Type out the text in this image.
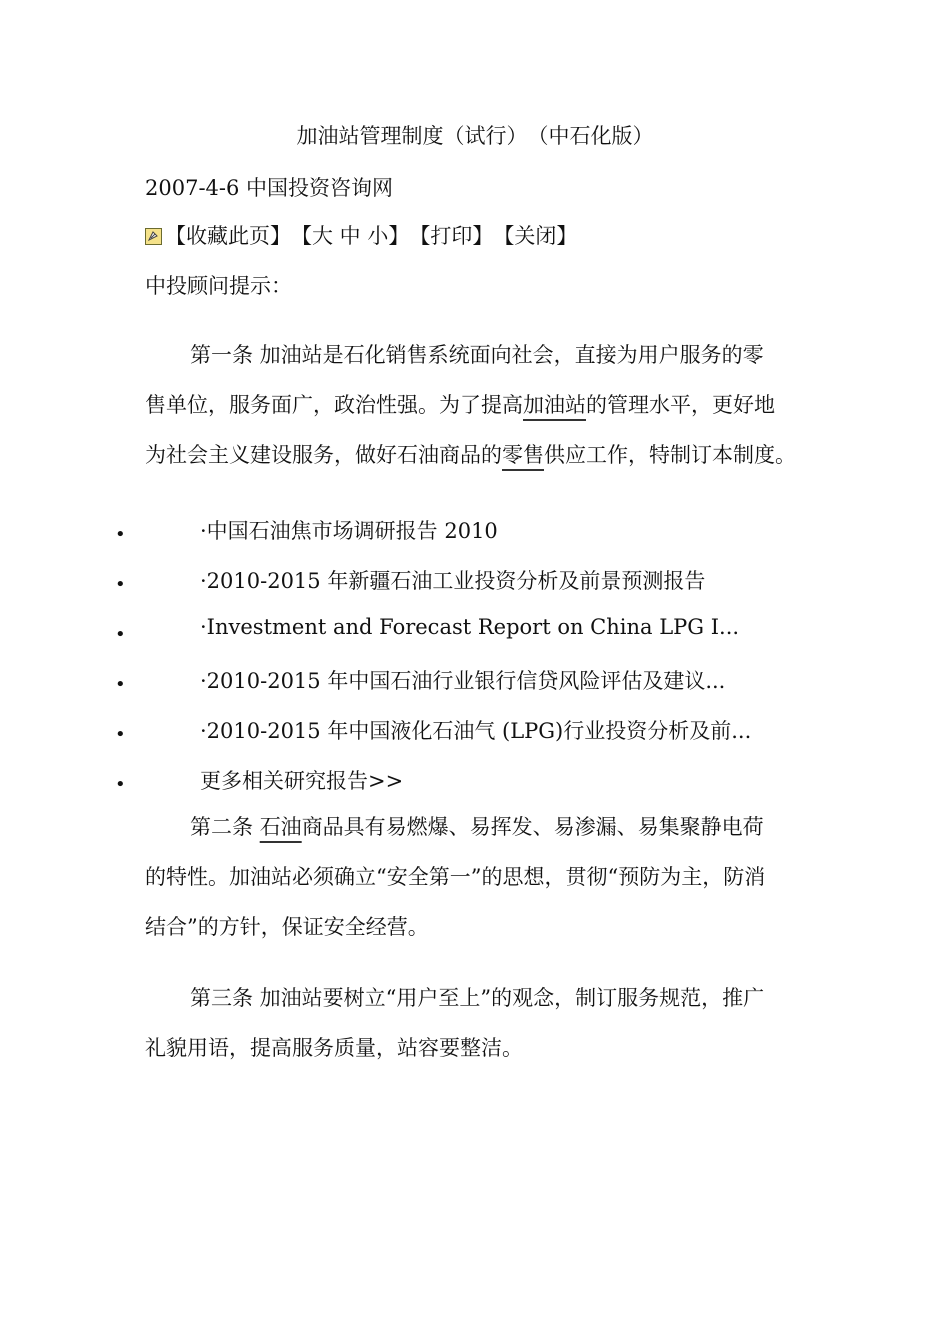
加油站管理制度（试行）　（中石化版）
2007-4-6 中国投资咨询网
【收藏此页】 【大 中 小】 【打印】 【关闭】
中投顾问提示：
第一条 加油站是石化销售系统面向社会，直接为用户服务的零
售单位，服务面广，政治性强。为了提高加油站的管理水平，更好地
为社会主义建设服务，做好石油商品的零售供应工作，特制订本制度。
•	·中国石油焦市场调研报告 2010
•	·2010-2015 年新疆石油工业投资分析及前景预测报告
•	·Investment and Forecast Report on China LPG I...
•	·2010-2015 年中国石油行业银行信贷风险评估及建议...
•	·2010-2015 年中国液化石油气 (LPG)行业投资分析及前...
•	更多相关研究报告>>
第二条 石油商品具有易燃爆、易挥发、易渗漏、易集聚静电荷
的特性。加油站必须确立“安全第一”的思想，贯彻“预防为主，防消
结合”的方针，保证安全经营。
第三条 加油站要树立“用户至上”的观念，制订服务规范，推广
礼貌用语，提高服务质量，站容要整洁。
